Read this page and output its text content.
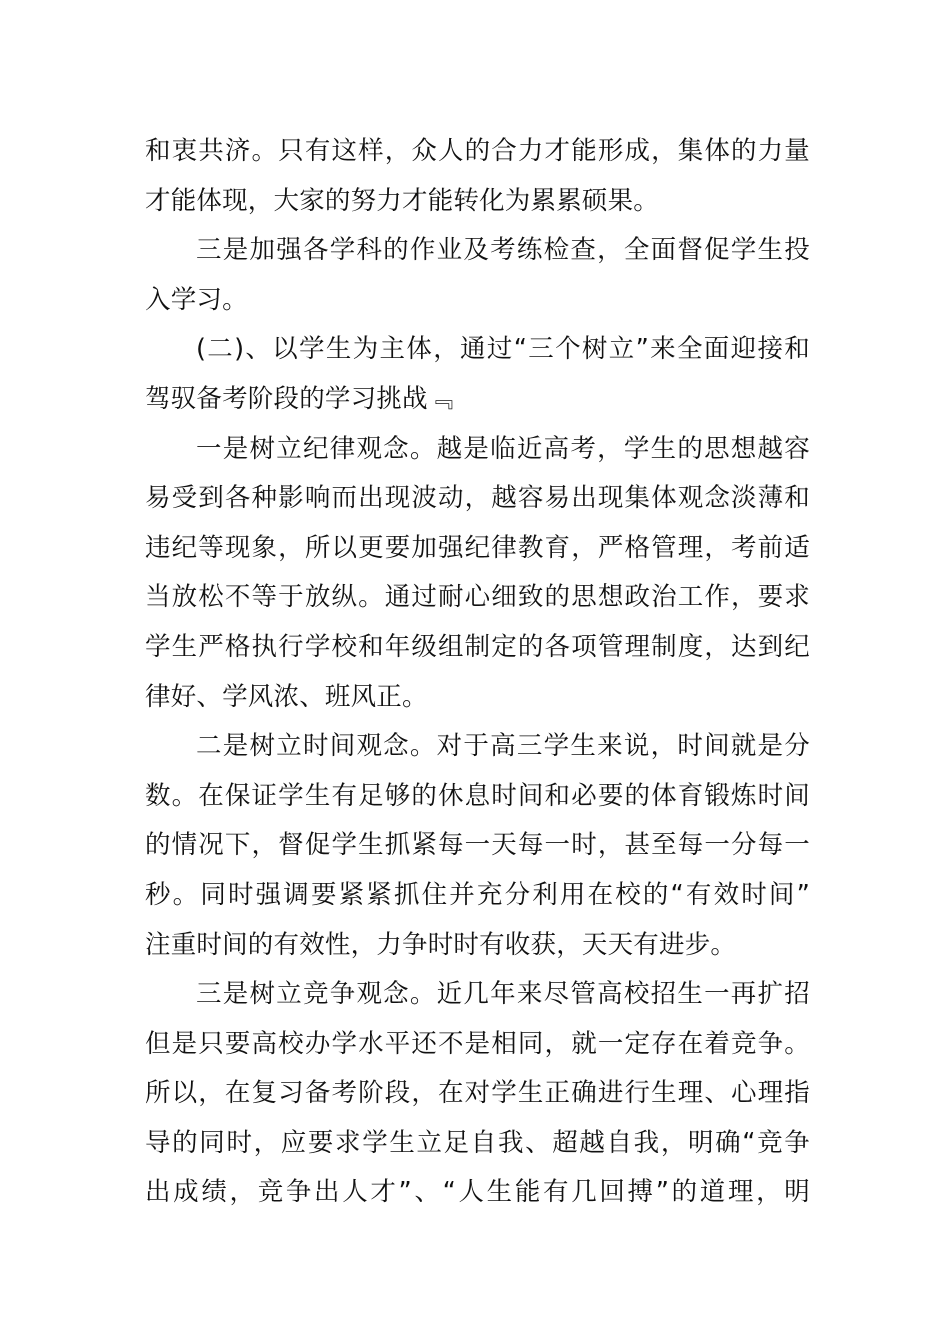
和衷共济。只有这样，众人的合力才能形成，集体的力量
才能体现，大家的努力才能转化为累累硕果。
三是加强各学科的作业及考练检查，全面督促学生投
入学习。
(二)、以学生为主体，通过“三个树立”来全面迎接和
驾驭备考阶段的学习挑战﹃
一是树立纪律观念。越是临近高考，学生的思想越容
易受到各种影响而出现波动，越容易出现集体观念淡薄和
违纪等现象，所以更要加强纪律教育，严格管理，考前适
当放松不等于放纵。通过耐心细致的思想政治工作，要求
学生严格执行学校和年级组制定的各项管理制度，达到纪
律好、学风浓、班风正。
二是树立时间观念。对于高三学生来说，时间就是分
数。在保证学生有足够的休息时间和必要的体育锻炼时间
的情况下，督促学生抓紧每一天每一时，甚至每一分每一
秒。同时强调要紧紧抓住并充分利用在校的“有效时间”
注重时间的有效性，力争时时有收获，天天有进步。
三是树立竞争观念。近几年来尽管高校招生一再扩招
但是只要高校办学水平还不是相同，就一定存在着竞争。
所以，在复习备考阶段，在对学生正确进行生理、心理指
导的同时，应要求学生立足自我、超越自我，明确“竞争
出成绩，竞争出人才”、“人生能有几回搏”的道理，明
